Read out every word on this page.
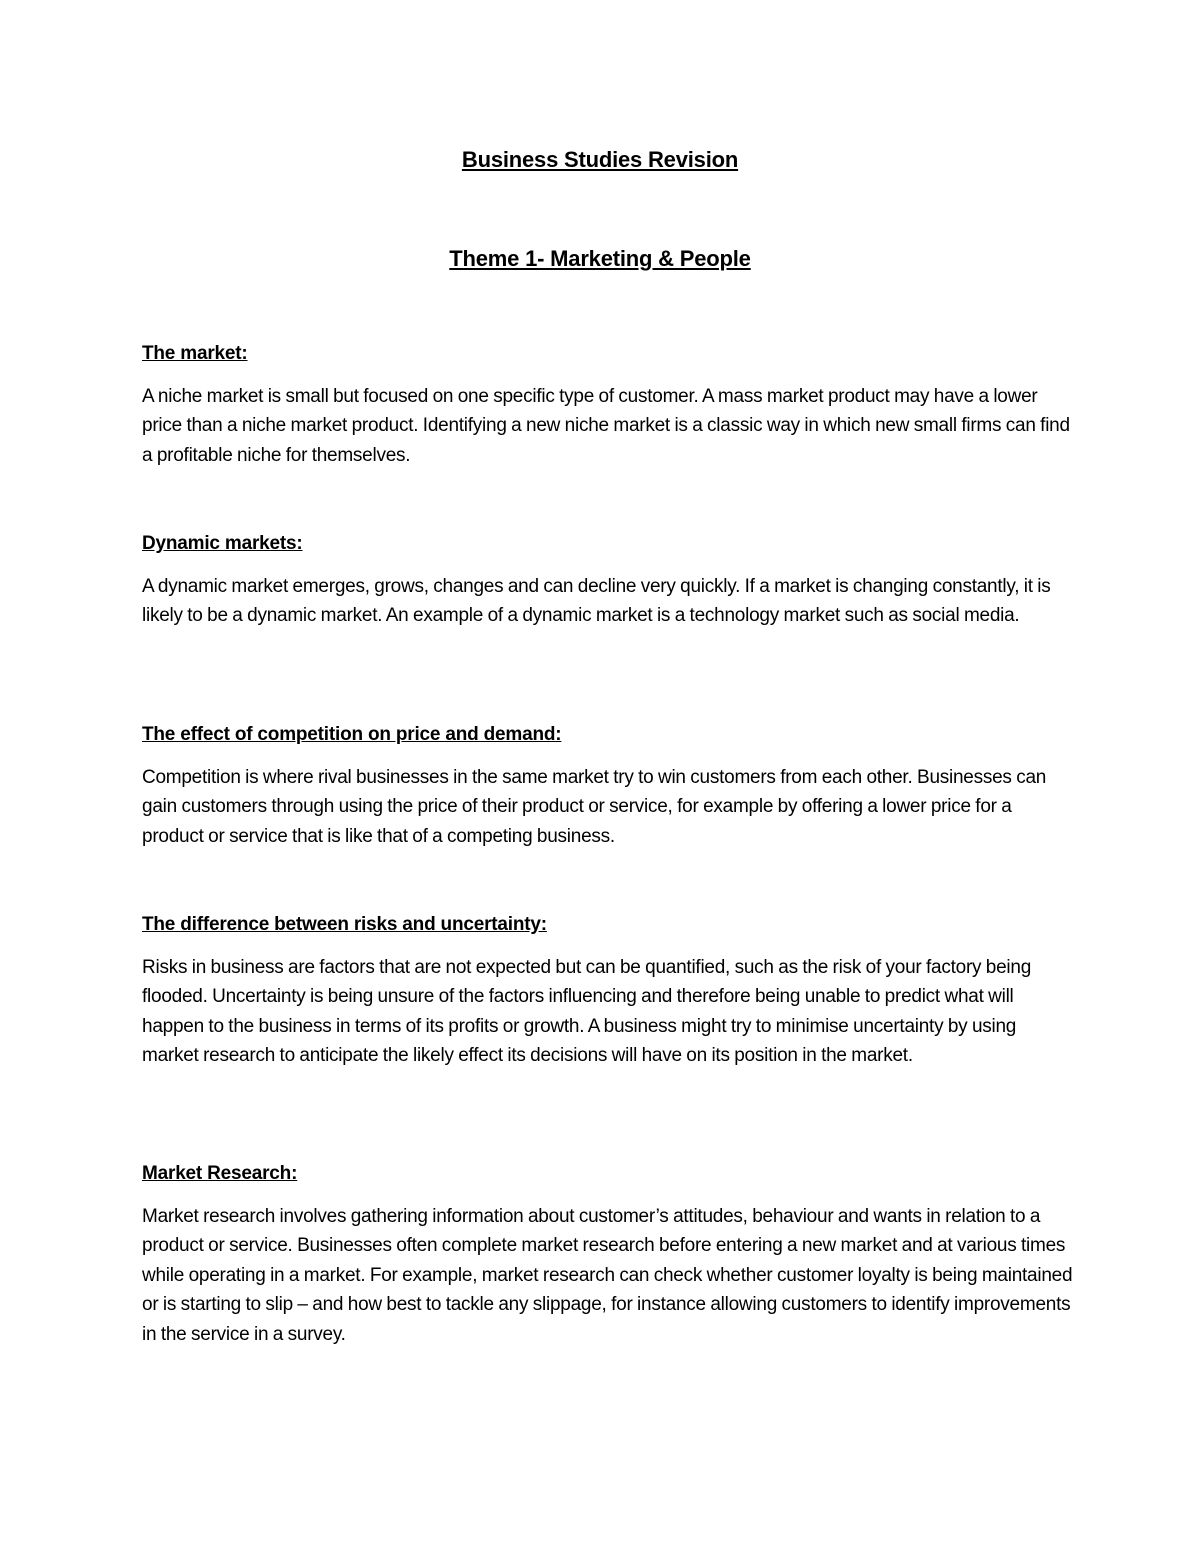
Business Studies Revision
Theme 1- Marketing & People

The market:

A niche market is small but focused on one specific type of customer. A mass market product may have a lower price than a niche market product. Identifying a new niche market is a classic way in which new small firms can find a profitable niche for themselves.

Dynamic markets:

A dynamic market emerges, grows, changes and can decline very quickly. If a market is changing constantly, it is likely to be a dynamic market. An example of a dynamic market is a technology market such as social media.

The effect of competition on price and demand:

Competition is where rival businesses in the same market try to win customers from each other. Businesses can gain customers through using the price of their product or service, for example by offering a lower price for a product or service that is like that of a competing business.

The difference between risks and uncertainty:

Risks in business are factors that are not expected but can be quantified, such as the risk of your factory being flooded. Uncertainty is being unsure of the factors influencing and therefore being unable to predict what will happen to the business in terms of its profits or growth. A business might try to minimise uncertainty by using market research to anticipate the likely effect its decisions will have on its position in the market.

Market Research:

Market research involves gathering information about customer’s attitudes, behaviour and wants in relation to a product or service. Businesses often complete market research before entering a new market and at various times while operating in a market. For example, market research can check whether customer loyalty is being maintained or is starting to slip – and how best to tackle any slippage, for instance allowing customers to identify improvements in the service in a survey.
